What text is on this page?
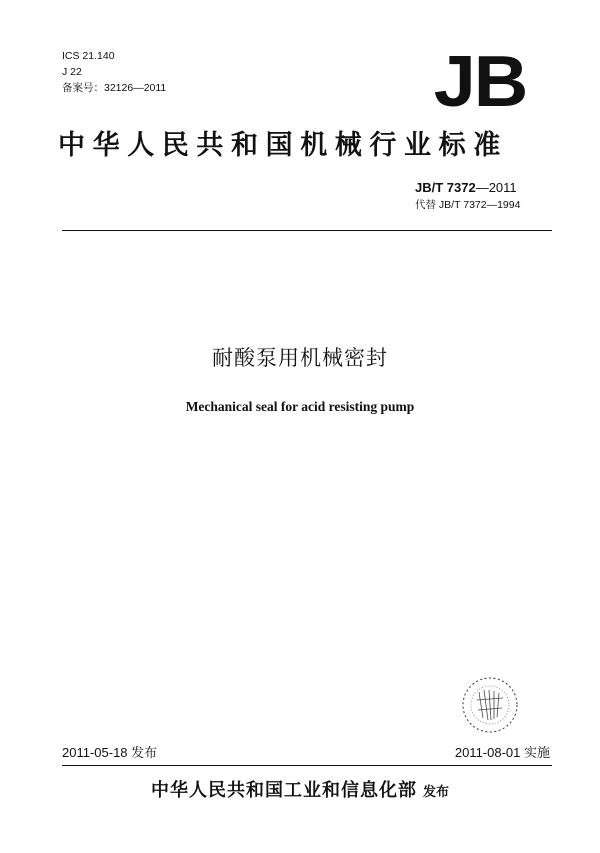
ICS 21.140
J 22
备案号：32126—2011	JB
中华人民共和国机械行业标准
JB/T 7372—2011
代替 JB/T 7372—1994
耐酸泵用机械密封
Mechanical seal for acid resisting pump
2011-05-18 发布	2011-08-01 实施
中华人民共和国工业和信息化部 发布
